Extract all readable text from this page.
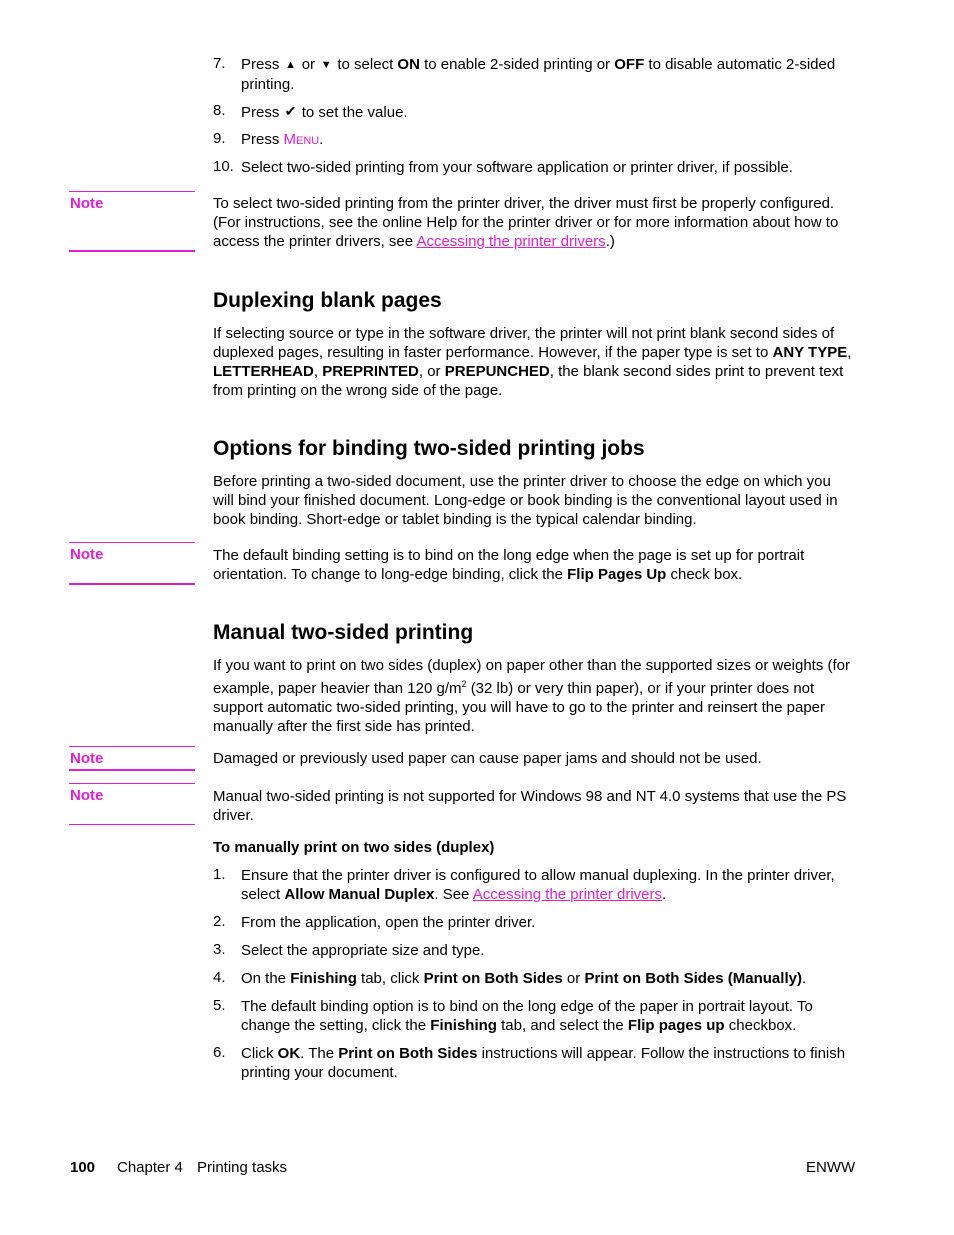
7. Press ▲ or ▼ to select ON to enable 2-sided printing or OFF to disable automatic 2-sided printing.
8. Press ✔ to set the value.
9. Press Menu.
10. Select two-sided printing from your software application or printer driver, if possible.
Note	To select two-sided printing from the printer driver, the driver must first be properly configured. (For instructions, see the online Help for the printer driver or for more information about how to access the printer drivers, see Accessing the printer drivers.)
Duplexing blank pages
If selecting source or type in the software driver, the printer will not print blank second sides of duplexed pages, resulting in faster performance. However, if the paper type is set to ANY TYPE, LETTERHEAD, PREPRINTED, or PREPUNCHED, the blank second sides print to prevent text from printing on the wrong side of the page.
Options for binding two-sided printing jobs
Before printing a two-sided document, use the printer driver to choose the edge on which you will bind your finished document. Long-edge or book binding is the conventional layout used in book binding. Short-edge or tablet binding is the typical calendar binding.
Note	The default binding setting is to bind on the long edge when the page is set up for portrait orientation. To change to long-edge binding, click the Flip Pages Up check box.
Manual two-sided printing
If you want to print on two sides (duplex) on paper other than the supported sizes or weights (for example, paper heavier than 120 $g/m^2$ (32 lb) or very thin paper), or if your printer does not support automatic two-sided printing, you will have to go to the printer and reinsert the paper manually after the first side has printed.
Note	Damaged or previously used paper can cause paper jams and should not be used.
Note	Manual two-sided printing is not supported for Windows 98 and NT 4.0 systems that use the PS driver.
To manually print on two sides (duplex)
1. Ensure that the printer driver is configured to allow manual duplexing. In the printer driver, select Allow Manual Duplex. See Accessing the printer drivers.
2. From the application, open the printer driver.
3. Select the appropriate size and type.
4. On the Finishing tab, click Print on Both Sides or Print on Both Sides (Manually).
5. The default binding option is to bind on the long edge of the paper in portrait layout. To change the setting, click the Finishing tab, and select the Flip pages up checkbox.
6. Click OK. The Print on Both Sides instructions will appear. Follow the instructions to finish printing your document.
100 Chapter 4 Printing tasks	ENWW
